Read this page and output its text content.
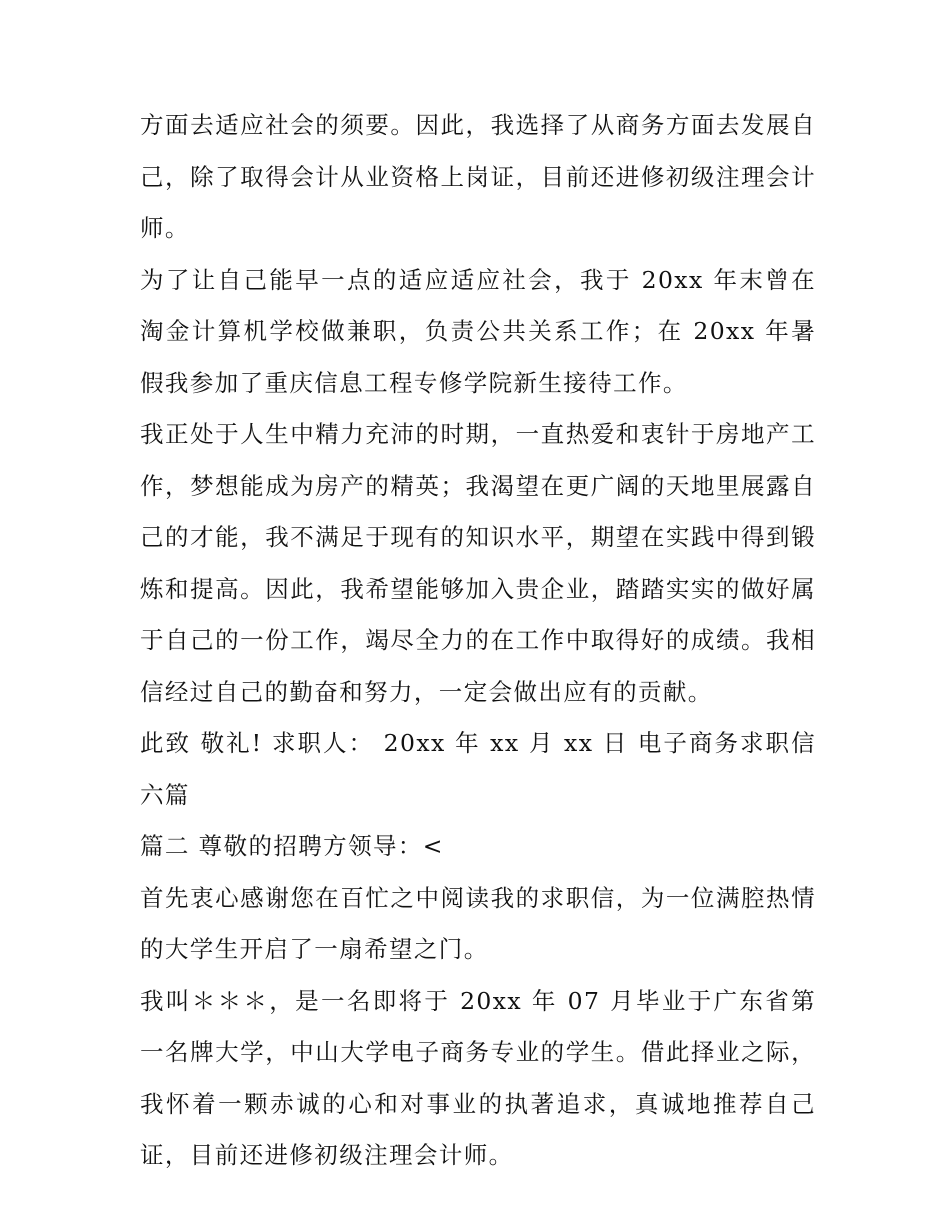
方面去适应社会的须要。因此，我选择了从商务方面去发展自己，除了取得会计从业资格上岗证，目前还进修初级注理会计师。

为了让自己能早一点的适应适应社会，我于 20xx 年末曾在淘金计算机学校做兼职，负责公共关系工作；在 20xx 年暑假我参加了重庆信息工程专修学院新生接待工作。

我正处于人生中精力充沛的时期，一直热爱和衷针于房地产工作，梦想能成为房产的精英；我渴望在更广阔的天地里展露自己的才能，我不满足于现有的知识水平，期望在实践中得到锻炼和提高。因此，我希望能够加入贵企业，踏踏实实的做好属于自己的一份工作，竭尽全力的在工作中取得好的成绩。我相信经过自己的勤奋和努力，一定会做出应有的贡献。

此致 敬礼! 求职人： 20xx 年 xx 月 xx 日 电子商务求职信六篇

篇二 尊敬的招聘方领导：<

首先衷心感谢您在百忙之中阅读我的求职信，为一位满腔热情的大学生开启了一扇希望之门。

我叫＊＊＊，是一名即将于 20xx 年 07 月毕业于广东省第一名牌大学，中山大学电子商务专业的学生。借此择业之际，我怀着一颗赤诚的心和对事业的执著追求，真诚地推荐自己证，目前还进修初级注理会计师。
